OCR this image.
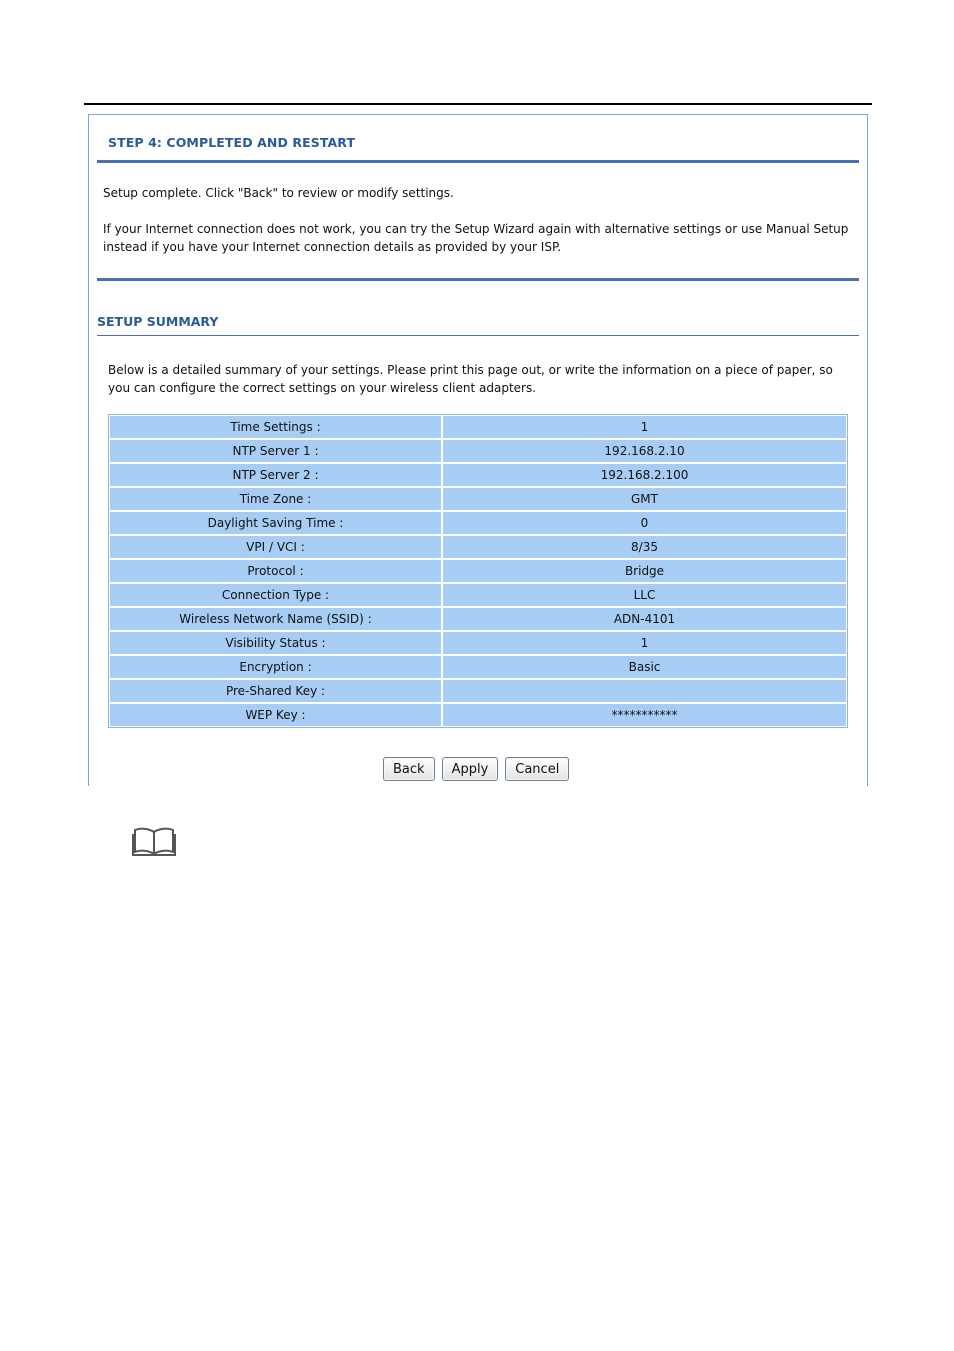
STEP 4: COMPLETED AND RESTART
Setup complete. Click "Back" to review or modify settings.
If your Internet connection does not work, you can try the Setup Wizard again with alternative settings or use Manual Setup
instead if you have your Internet connection details as provided by your ISP.
SETUP SUMMARY
Below is a detailed summary of your settings. Please print this page out, or write the information on a piece of paper, so
you can configure the correct settings on your wireless client adapters.
Time Settings :	1
NTP Server 1 :	192.168.2.10
NTP Server 2 :	192.168.2.100
Time Zone :	GMT
Daylight Saving Time :	0
VPI / VCI :	8/35
Protocol :	Bridge
Connection Type :	LLC
Wireless Network Name (SSID) :	ADN-4101
Visibility Status :	1
Encryption :	Basic
Pre-Shared Key :
WEP Key :	***********
Back	Apply	Cancel
